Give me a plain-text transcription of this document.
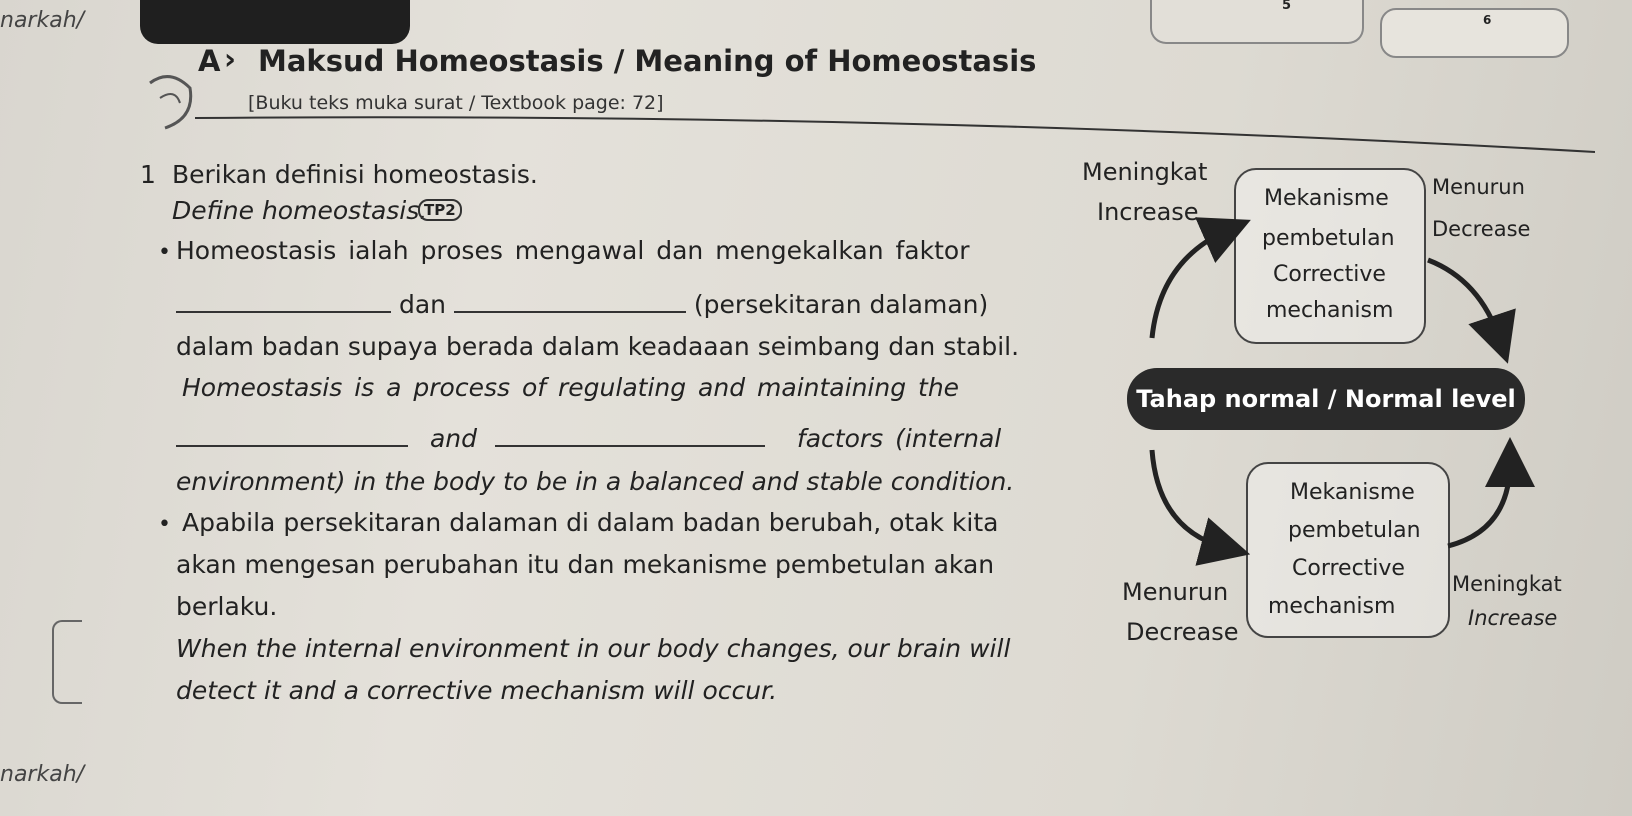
5
6
narkah/
narkah/
A › Maksud Homeostasis / Meaning of Homeostasis
[Buku teks muka surat / Textbook page: 72]
1 Berikan definisi homeostasis.
Define homeostasis.
TP2
• Homeostasis ialah proses mengawal dan mengekalkan faktor
dan	(persekitaran dalaman)
dalam badan supaya berada dalam keadaaan seimbang dan stabil.
Homeostasis is a process of regulating and maintaining the
and	factors (internal
environment) in the body to be in a balanced and stable condition.
• Apabila persekitaran dalaman di dalam badan berubah, otak kita
akan mengesan perubahan itu dan mekanisme pembetulan akan
berlaku.
When the internal environment in our body changes, our brain will
detect it and a corrective mechanism will occur.
Meningkat
Increase	Mekanisme
pembetulan
Corrective
mechanism
Menurun
Decrease
Tahap normal / Normal level
Mekanisme
pembetulan
Corrective
mechanism
Menurun
Decrease
Meningkat
Increase
